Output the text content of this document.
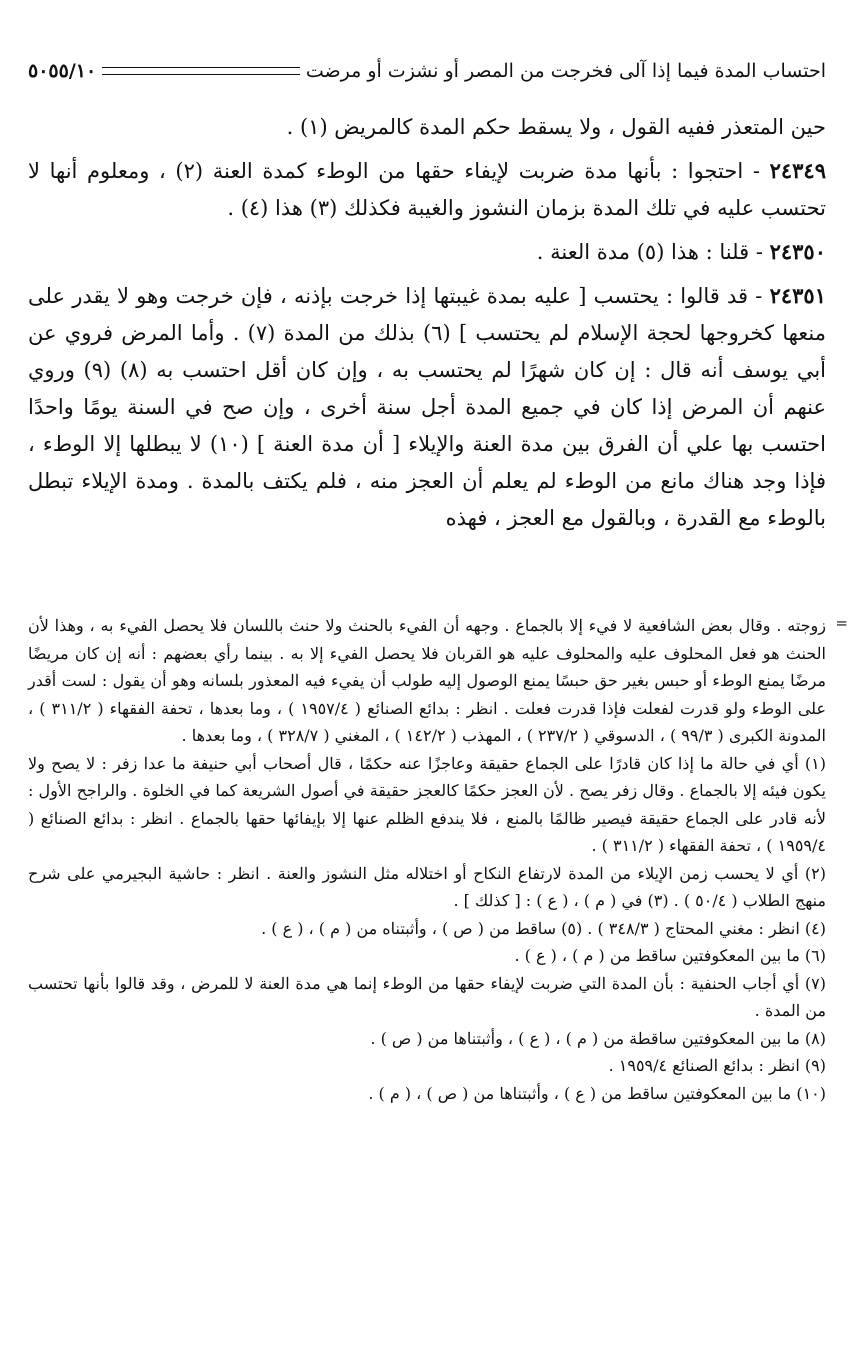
احتساب المدة فيما إذا آلى فخرجت من المصر أو نشزت أو مرضت
٥٠٥٥/١٠

حين المتعذر ففيه القول ، ولا يسقط حكم المدة كالمريض (١) .

٢٤٣٤٩ - احتجوا : بأنها مدة ضربت لإيفاء حقها من الوطء كمدة العنة (٢) ، ومعلوم أنها لا تحتسب عليه في تلك المدة بزمان النشوز والغيبة فكذلك (٣) هذا (٤) .

٢٤٣٥٠ - قلنا : هذا (٥) مدة العنة .

٢٤٣٥١ - قد قالوا : يحتسب [ عليه بمدة غيبتها إذا خرجت بإذنه ، فإن خرجت وهو لا يقدر على منعها كخروجها لحجة الإسلام لم يحتسب ] (٦) بذلك من المدة (٧) . وأما المرض فروي عن أبي يوسف أنه قال : إن كان شهرًا لم يحتسب به ، وإن كان أقل احتسب به (٨) (٩) وروي عنهم أن المرض إذا كان في جميع المدة أجل سنة أخرى ، وإن صح في السنة يومًا واحدًا احتسب بها علي أن الفرق بين مدة العنة والإيلاء [ أن مدة العنة ] (١٠) لا يبطلها إلا الوطء ، فإذا وجد هناك مانع من الوطء لم يعلم أن العجز منه ، فلم يكتف بالمدة . ومدة الإيلاء تبطل بالوطء مع القدرة ، وبالقول مع العجز ، فهذه

=

زوجته . وقال بعض الشافعية لا فيء إلا بالجماع . وجهه أن الفيء بالحنث ولا حنث باللسان فلا يحصل الفيء به ، وهذا لأن الحنث هو فعل المحلوف عليه والمحلوف عليه هو القربان فلا يحصل الفيء إلا به . بينما رأي بعضهم : أنه إن كان مريضًا مرضًا يمنع الوطء أو حبس بغير حق حبسًا يمنع الوصول إليه طولب أن يفيء فيه المعذور بلسانه وهو أن يقول : لست أقدر على الوطء ولو قدرت لفعلت فإذا قدرت فعلت . انظر : بدائع الصنائع ( ١٩٥٧/٤ ) ، وما بعدها ، تحفة الفقهاء ( ٣١١/٢ ) ، المدونة الكبرى ( ٩٩/٣ ) ، الدسوقي ( ٢٣٧/٢ ) ، المهذب ( ١٤٢/٢ ) ، المغني ( ٣٢٨/٧ ) ، وما بعدها .

(١) أي في حالة ما إذا كان قادرًا على الجماع حقيقة وعاجزًا عنه حكمًا ، قال أصحاب أبي حنيفة ما عدا زفر : لا يصح ولا يكون فيئه إلا بالجماع . وقال زفر يصح . لأن العجز حكمًا كالعجز حقيقة في أصول الشريعة كما في الخلوة . والراجح الأول : لأنه قادر على الجماع حقيقة فيصير ظالمًا بالمنع ، فلا يندفع الظلم عنها إلا بإيفائها حقها بالجماع . انظر : بدائع الصنائع ( ١٩٥٩/٤ ) ، تحفة الفقهاء ( ٣١١/٢ ) .

(٢) أي لا يحسب زمن الإيلاء من المدة لارتفاع النكاح أو اختلاله مثل النشوز والعنة . انظر : حاشية البجيرمي على شرح منهج الطلاب ( ٥٠/٤ ) . (٣) في ( م ) ، ( ع ) : [ كذلك ] .

(٤) انظر : مغني المحتاج ( ٣٤٨/٣ ) . (٥) ساقط من ( ص ) ، وأثبتناه من ( م ) ، ( ع ) .

(٦) ما بين المعكوفتين ساقط من ( م ) ، ( ع ) .

(٧) أي أجاب الحنفية : بأن المدة التي ضربت لإيفاء حقها من الوطء إنما هي مدة العنة لا للمرض ، وقد قالوا بأنها تحتسب من المدة .

(٨) ما بين المعكوفتين ساقطة من ( م ) ، ( ع ) ، وأثبتناها من ( ص ) .

(٩) انظر : بدائع الصنائع ١٩٥٩/٤ .

(١٠) ما بين المعكوفتين ساقط من ( ع ) ، وأثبتناها من ( ص ) ، ( م ) .
